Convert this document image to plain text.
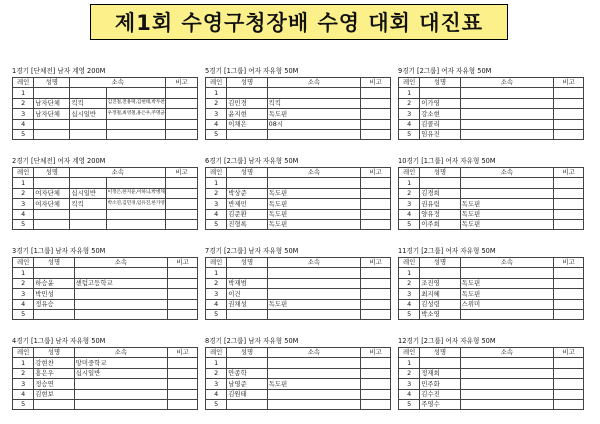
제1회 수영구청장배 수영 대회 대진표
1경기 [단체전] 남자 계영 200M
레인	성명	소속		비고
1				
2	남자단체	킥킥	김진철,전용택,김현태,박두찬	
3	남자단체	십시일반	우정철,최영철,홍은우,주명균	
4				
5				
5경기 [1그룹] 여자 자유형 50M
레인	성명	소속	비고
1			
2	김민경	킥킥	
3	윤지현	독도핀	
4	이채은	08시	
5			
9경기 [2그룹] 여자 자유형 50M
레인	성명	소속	비고
1			
2	이가영		
3	강소현		
4	김콜리		
5	임유진		
2경기 [단체전] 여자 계영 200M
레인	성명	소속		비고
1				
2	여자단체	십시일반	이정은,한지윤,이하늬,박병채	
3	여자단체	킥킥	박소연,김민경,임유진,한가영	
4				
5				
6경기 [2그룹] 남자 자유형 50M
레인	성명	소속	비고
1			
2	박상준	독도핀	
3	반제민	독도핀	
4	김준환	독도핀	
5	진형록	독도핀	
10경기 [1그룹] 여자 자유형 50M
레인	성명	소속	비고
1			
2	김경희		
3	권유림	독도핀	
4	양유정	독도핀	
5	이주희	독도핀	
3경기 [1그룹] 남자 자유형 50M
레인	성명	소속	비고
1			
2	하승윤	센텀고등학교	
3	박민성		
4	정유승		
5			
7경기 [2그룹] 남자 자유형 50M
레인	성명	소속	비고
1			
2	박재범		
3	이건		
4	권채성	독도핀	
5			
11경기 [2그룹] 여자 자유형 50M
레인	성명	소속	비고
1			
2	조진영	독도핀	
3	최지혜	독도핀	
4	김성령	스위미	
5	박소영		
4경기 [1그룹] 남자 자유형 50M
레인	성명	소속	비고
1	강현찬	망미중학교	
2	홍은우	십시일반	
3	정승연		
4	김현보		
5			
8경기 [2그룹] 남자 자유형 50M
레인	성명	소속	비고
1			
2	안종학		
3	남영준	독도핀	
4	김원태		
5			
12경기 [2그룹] 여자 자유형 50M
레인	성명	소속	비고
1			
2	정재희		
3	민주화		
4	김수진		
5	주영수		
